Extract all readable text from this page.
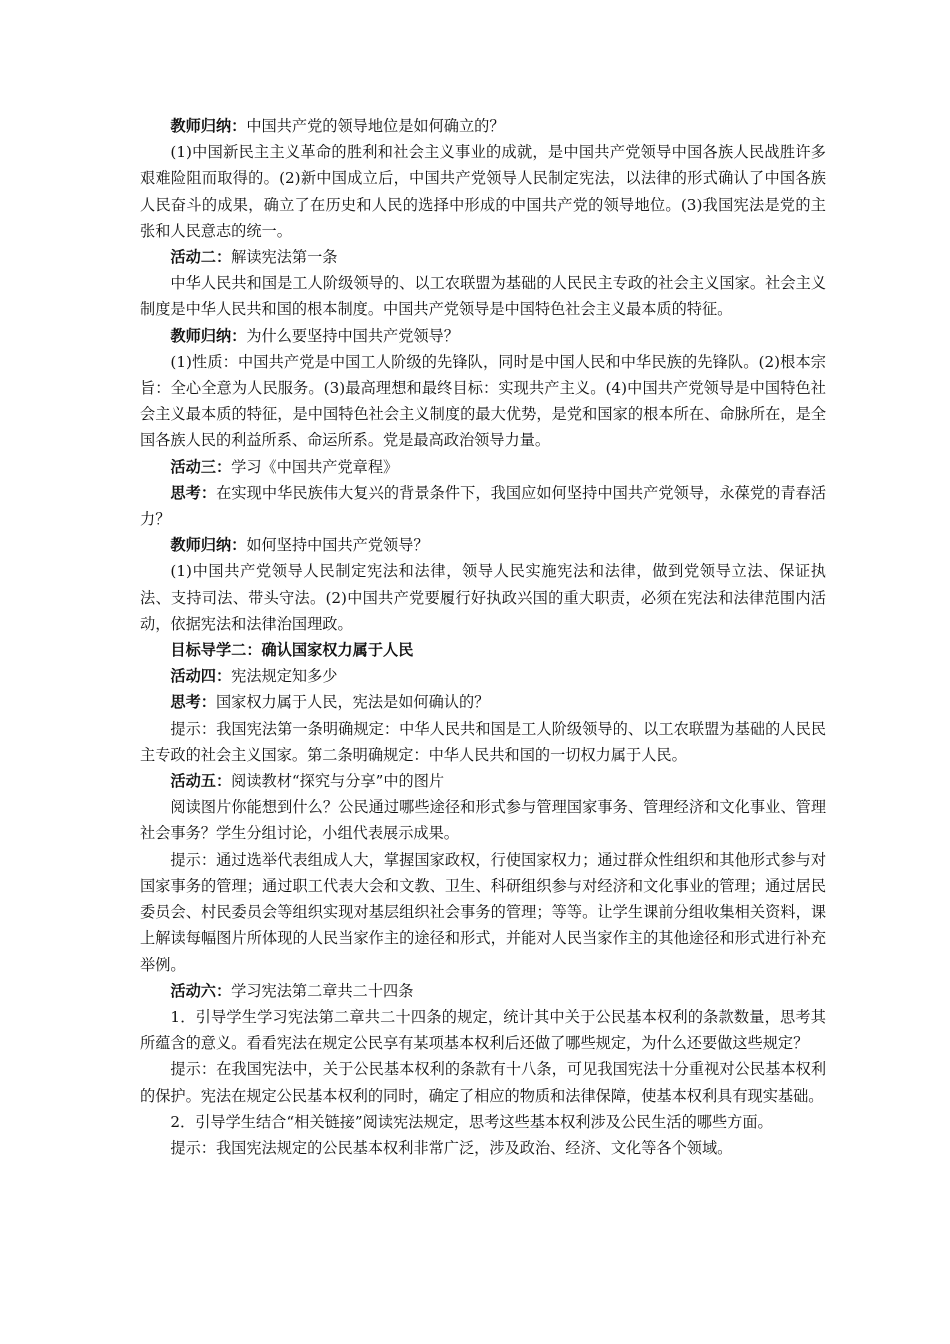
教师归纳：中国共产党的领导地位是如何确立的？

(1)中国新民主主义革命的胜利和社会主义事业的成就，是中国共产党领导中国各族人民战胜许多艰难险阻而取得的。(2)新中国成立后，中国共产党领导人民制定宪法，以法律的形式确认了中国各族人民奋斗的成果，确立了在历史和人民的选择中形成的中国共产党的领导地位。(3)我国宪法是党的主张和人民意志的统一。

活动二：解读宪法第一条

中华人民共和国是工人阶级领导的、以工农联盟为基础的人民民主专政的社会主义国家。社会主义制度是中华人民共和国的根本制度。中国共产党领导是中国特色社会主义最本质的特征。

教师归纳：为什么要坚持中国共产党领导？

(1)性质：中国共产党是中国工人阶级的先锋队，同时是中国人民和中华民族的先锋队。(2)根本宗旨：全心全意为人民服务。(3)最高理想和最终目标：实现共产主义。(4)中国共产党领导是中国特色社会主义最本质的特征，是中国特色社会主义制度的最大优势，是党和国家的根本所在、命脉所在，是全国各族人民的利益所系、命运所系。党是最高政治领导力量。

活动三：学习《中国共产党章程》

思考：在实现中华民族伟大复兴的背景条件下，我国应如何坚持中国共产党领导，永葆党的青春活力？

教师归纳：如何坚持中国共产党领导？

(1)中国共产党领导人民制定宪法和法律，领导人民实施宪法和法律，做到党领导立法、保证执法、支持司法、带头守法。(2)中国共产党要履行好执政兴国的重大职责，必须在宪法和法律范围内活动，依据宪法和法律治国理政。

目标导学二：确认国家权力属于人民

活动四：宪法规定知多少

思考：国家权力属于人民，宪法是如何确认的？

提示：我国宪法第一条明确规定：中华人民共和国是工人阶级领导的、以工农联盟为基础的人民民主专政的社会主义国家。第二条明确规定：中华人民共和国的一切权力属于人民。

活动五：阅读教材“探究与分享”中的图片

阅读图片你能想到什么？公民通过哪些途径和形式参与管理国家事务、管理经济和文化事业、管理社会事务？学生分组讨论，小组代表展示成果。

提示：通过选举代表组成人大，掌握国家政权，行使国家权力；通过群众性组织和其他形式参与对国家事务的管理；通过职工代表大会和文教、卫生、科研组织参与对经济和文化事业的管理；通过居民委员会、村民委员会等组织实现对基层组织社会事务的管理；等等。让学生课前分组收集相关资料，课上解读每幅图片所体现的人民当家作主的途径和形式，并能对人民当家作主的其他途径和形式进行补充举例。

活动六：学习宪法第二章共二十四条

1．引导学生学习宪法第二章共二十四条的规定，统计其中关于公民基本权利的条款数量，思考其所蕴含的意义。看看宪法在规定公民享有某项基本权利后还做了哪些规定，为什么还要做这些规定？

提示：在我国宪法中，关于公民基本权利的条款有十八条，可见我国宪法十分重视对公民基本权利的保护。宪法在规定公民基本权利的同时，确定了相应的物质和法律保障，使基本权利具有现实基础。

2．引导学生结合“相关链接”阅读宪法规定，思考这些基本权利涉及公民生活的哪些方面。

提示：我国宪法规定的公民基本权利非常广泛，涉及政治、经济、文化等各个领域。
